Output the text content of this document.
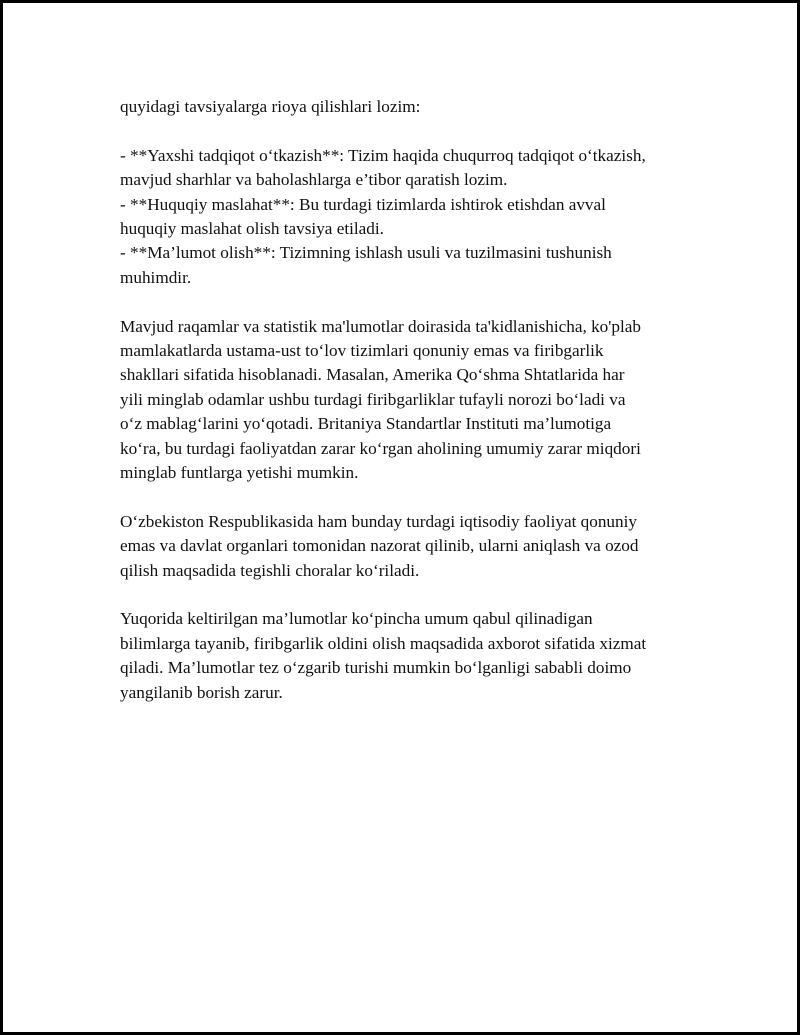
quyidagi tavsiyalarga rioya qilishlari lozim:

- **Yaxshi tadqiqot o‘tkazish**: Tizim haqida chuqurroq tadqiqot o‘tkazish,
mavjud sharhlar va baholashlarga e’tibor qaratish lozim.
- **Huquqiy maslahat**: Bu turdagi tizimlarda ishtirok etishdan avval
huquqiy maslahat olish tavsiya etiladi.
- **Ma’lumot olish**: Tizimning ishlash usuli va tuzilmasini tushunish
muhimdir.

Mavjud raqamlar va statistik ma'lumotlar doirasida ta'kidlanishicha, ko'plab
mamlakatlarda ustama-ust to‘lov tizimlari qonuniy emas va firibgarlik
shakllari sifatida hisoblanadi. Masalan, Amerika Qo‘shma Shtatlarida har
yili minglab odamlar ushbu turdagi firibgarliklar tufayli norozi bo‘ladi va
o‘z mablag‘larini yo‘qotadi. Britaniya Standartlar Instituti ma’lumotiga
ko‘ra, bu turdagi faoliyatdan zarar ko‘rgan aholining umumiy zarar miqdori
minglab funtlarga yetishi mumkin.

O‘zbekiston Respublikasida ham bunday turdagi iqtisodiy faoliyat qonuniy
emas va davlat organlari tomonidan nazorat qilinib, ularni aniqlash va ozod
qilish maqsadida tegishli choralar ko‘riladi.

Yuqorida keltirilgan ma’lumotlar ko‘pincha umum qabul qilinadigan
bilimlarga tayanib, firibgarlik oldini olish maqsadida axborot sifatida xizmat
qiladi. Ma’lumotlar tez o‘zgarib turishi mumkin bo‘lganligi sababli doimo
yangilanib borish zarur.
